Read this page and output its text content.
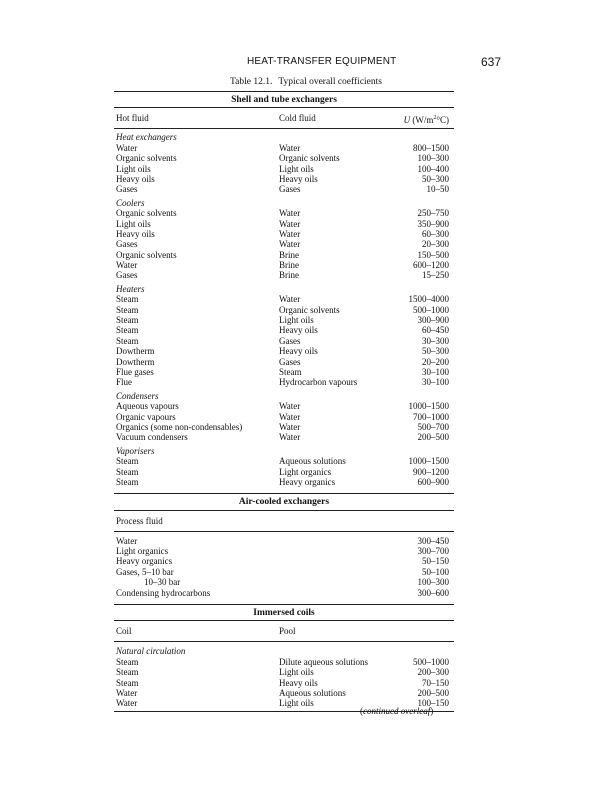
HEAT-TRANSFER EQUIPMENT	637
Table 12.1. Typical overall coefficients
Shell and tube exchangers
Hot fluid	Cold fluid	U $(W/m^2^\circ C)$
Heat exchangers
Water	Water	800–1500
Organic solvents	Organic solvents	100–300
Light oils	Light oils	100–400
Heavy oils	Heavy oils	50–300
Gases	Gases	10–50
Coolers
Organic solvents	Water	250–750
Light oils	Water	350–900
Heavy oils	Water	60–300
Gases	Water	20–300
Organic solvents	Brine	150–500
Water	Brine	600–1200
Gases	Brine	15–250
Heaters
Steam	Water	1500–4000
Steam	Organic solvents	500–1000
Steam	Light oils	300–900
Steam	Heavy oils	60–450
Steam	Gases	30–300
Dowtherm	Heavy oils	50–300
Dowtherm	Gases	20–200
Flue gases	Steam	30–100
Flue	Hydrocarbon vapours	30–100
Condensers
Aqueous vapours	Water	1000–1500
Organic vapours	Water	700–1000
Organics (some non-condensables)	Water	500–700
Vacuum condensers	Water	200–500
Vaporisers
Steam	Aqueous solutions	1000–1500
Steam	Light organics	900–1200
Steam	Heavy organics	600–900
Air-cooled exchangers
Process fluid
Water	300–450
Light organics	300–700
Heavy organics	50–150
Gases, 5–10 bar	50–100
10–30 bar	100–300
Condensing hydrocarbons	300–600
Immersed coils
Coil	Pool
Natural circulation
Steam	Dilute aqueous solutions	500–1000
Steam	Light oils	200–300
Steam	Heavy oils	70–150
Water	Aqueous solutions	200–500
Water	Light oils	100–150
(continued overleaf)
